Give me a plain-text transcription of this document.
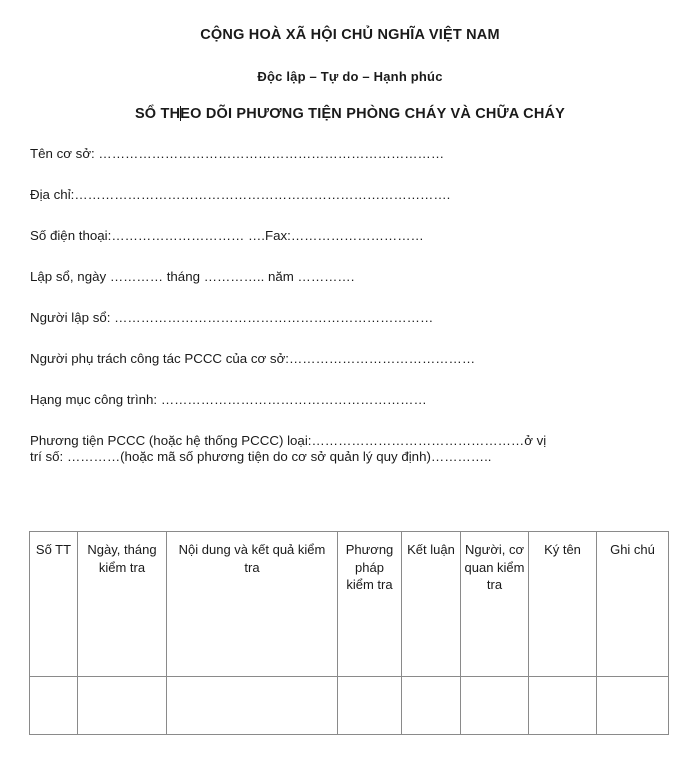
CỘNG HOÀ XÃ HỘI CHỦ NGHĨA VIỆT NAM
Độc lập – Tự do – Hạnh phúc
SỔ THEO DÕI PHƯƠNG TIỆN PHÒNG CHÁY VÀ CHỮA CHÁY

Tên cơ sở: ……………………………………………………………………

Địa chỉ:………………………………………………………………………….

Số điện thoại:………………………… ….Fax:…………………………

Lập sổ, ngày ………… tháng ………….. năm ………….

Người lập sổ: ………………………………………………………………

Người phụ trách công tác PCCC của cơ sở:……………………………………

Hạng mục công trình: ……………………………………………………

Phương tiện PCCC (hoặc hệ thống PCCC) loại:…………………………………………ở vị

trí số: …………(hoặc mã số phương tiện do cơ sở quản lý quy định)…………..

Số TT	Ngày, tháng kiểm tra	Nội dung và kết quả kiểm tra	Phương pháp kiểm tra	Kết luận	Người, cơ quan kiểm tra	Ký tên	Ghi chú
